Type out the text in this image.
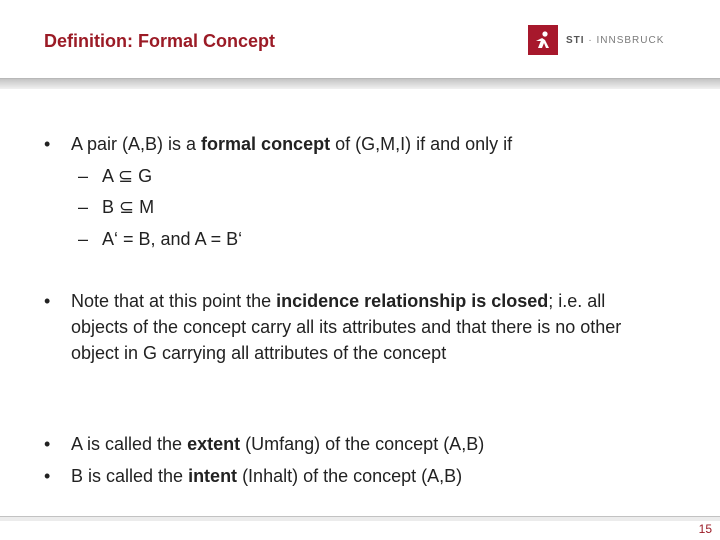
Definition: Formal Concept	STI · INNSBRUCK
•	A pair (A,B) is a formal concept of (G,M,I) if and only if
– A ⊆ G
– B ⊆ M
– A‘ = B, and A = B‘
•	Note that at this point the incidence relationship is closed; i.e. all objects of the concept carry all its attributes and that there is no other object in G carrying all attributes of the concept
•	A is called the extent (Umfang) of the concept (A,B)
•	B is called the intent (Inhalt) of the concept (A,B)
15
